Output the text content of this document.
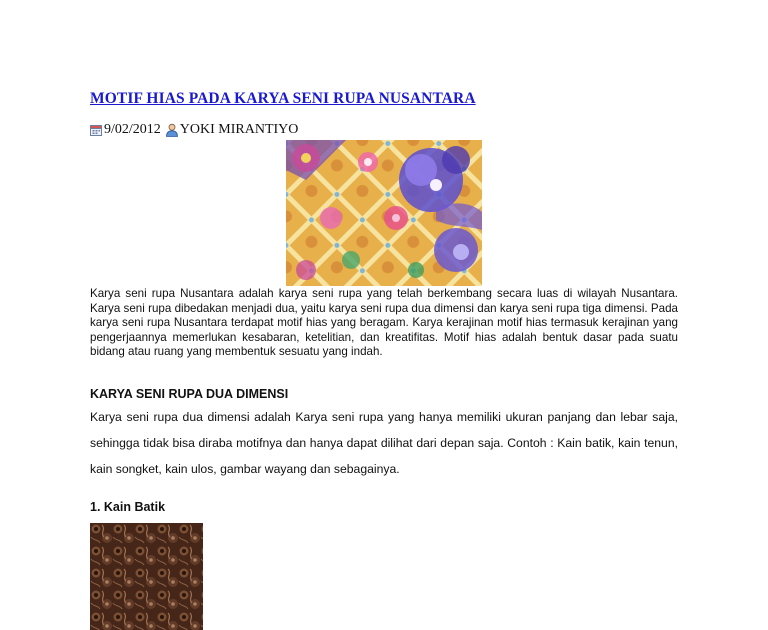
MOTIF HIAS PADA KARYA SENI RUPA NUSANTARA
9/02/2012 YOKI MIRANTIYO

Karya seni rupa Nusantara adalah karya seni rupa yang telah berkembang secara luas di wilayah Nusantara. Karya seni rupa dibedakan menjadi dua, yaitu karya seni rupa dua dimensi dan karya seni rupa tiga dimensi. Pada karya seni rupa Nusantara terdapat motif hias yang beragam. Karya kerajinan motif hias termasuk kerajinan yang pengerjaannya memerlukan kesabaran, ketelitian, dan kreatifitas. Motif hias adalah bentuk dasar pada suatu bidang atau ruang yang membentuk sesuatu yang indah.

KARYA SENI RUPA DUA DIMENSI

Karya seni rupa dua dimensi adalah Karya seni rupa yang hanya memiliki ukuran panjang dan lebar saja, sehingga tidak bisa diraba motifnya dan hanya dapat dilihat dari depan saja. Contoh : Kain batik, kain tenun, kain songket, kain ulos, gambar wayang dan sebagainya.

1. Kain Batik
